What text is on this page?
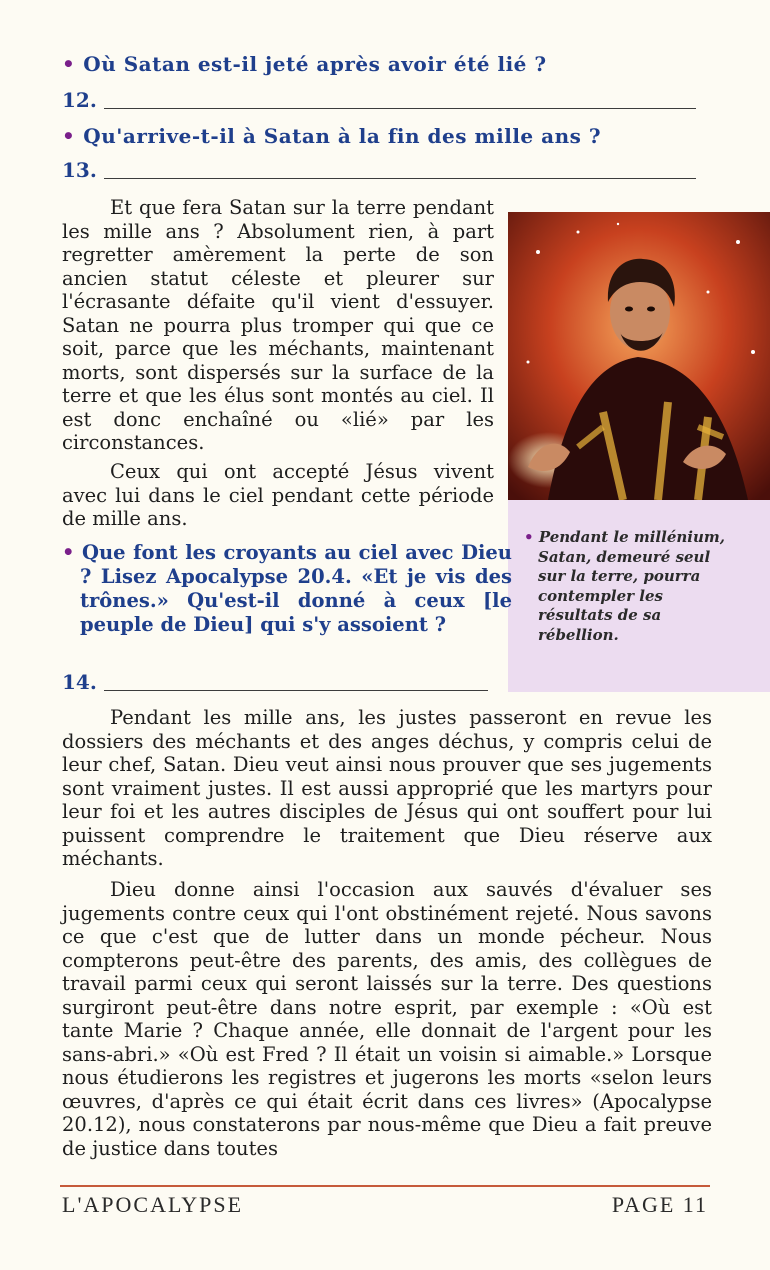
• Où Satan est-il jeté après avoir été lié ?
12.
• Qu'arrive-t-il à Satan à la fin des mille ans ?
13.

• Pendant le millénium, Satan, demeuré seul sur la terre, pourra contempler les résultats de sa rébellion.

Et que fera Satan sur la terre pendant les mille ans ? Absolument rien, à part regretter amèrement la perte de son ancien statut céleste et pleurer sur l'écrasante défaite qu'il vient d'essuyer. Satan ne pourra plus tromper qui que ce soit, parce que les méchants, maintenant morts, sont dispersés sur la surface de la terre et que les élus sont montés au ciel. Il est donc enchaîné ou «lié» par les circonstances.

Ceux qui ont accepté Jésus vivent avec lui dans le ciel pendant cette période de mille ans.

• Que font les croyants au ciel avec Dieu ? Lisez Apocalypse 20.4. «Et je vis des trônes.» Qu'est-il donné à ceux [le peuple de Dieu] qui s'y assoient ?

14.

Pendant les mille ans, les justes passeront en revue les dossiers des méchants et des anges déchus, y compris celui de leur chef, Satan. Dieu veut ainsi nous prouver que ses jugements sont vraiment justes. Il est aussi approprié que les martyrs pour leur foi et les autres disciples de Jésus qui ont souffert pour lui puissent comprendre le traitement que Dieu réserve aux méchants.

Dieu donne ainsi l'occasion aux sauvés d'évaluer ses jugements contre ceux qui l'ont obstinément rejeté. Nous savons ce que c'est que de lutter dans un monde pécheur. Nous compterons peut-être des parents, des amis, des collègues de travail parmi ceux qui seront laissés sur la terre. Des questions surgiront peut-être dans notre esprit, par exemple : «Où est tante Marie ? Chaque année, elle donnait de l'argent pour les sans-abri.» «Où est Fred ? Il était un voisin si aimable.» Lorsque nous étudierons les registres et jugerons les morts «selon leurs œuvres, d'après ce qui était écrit dans ces livres» (Apocalypse 20.12), nous constaterons par nous-même que Dieu a fait preuve de justice dans toutes

L'APOCALYPSE	PAGE 11
